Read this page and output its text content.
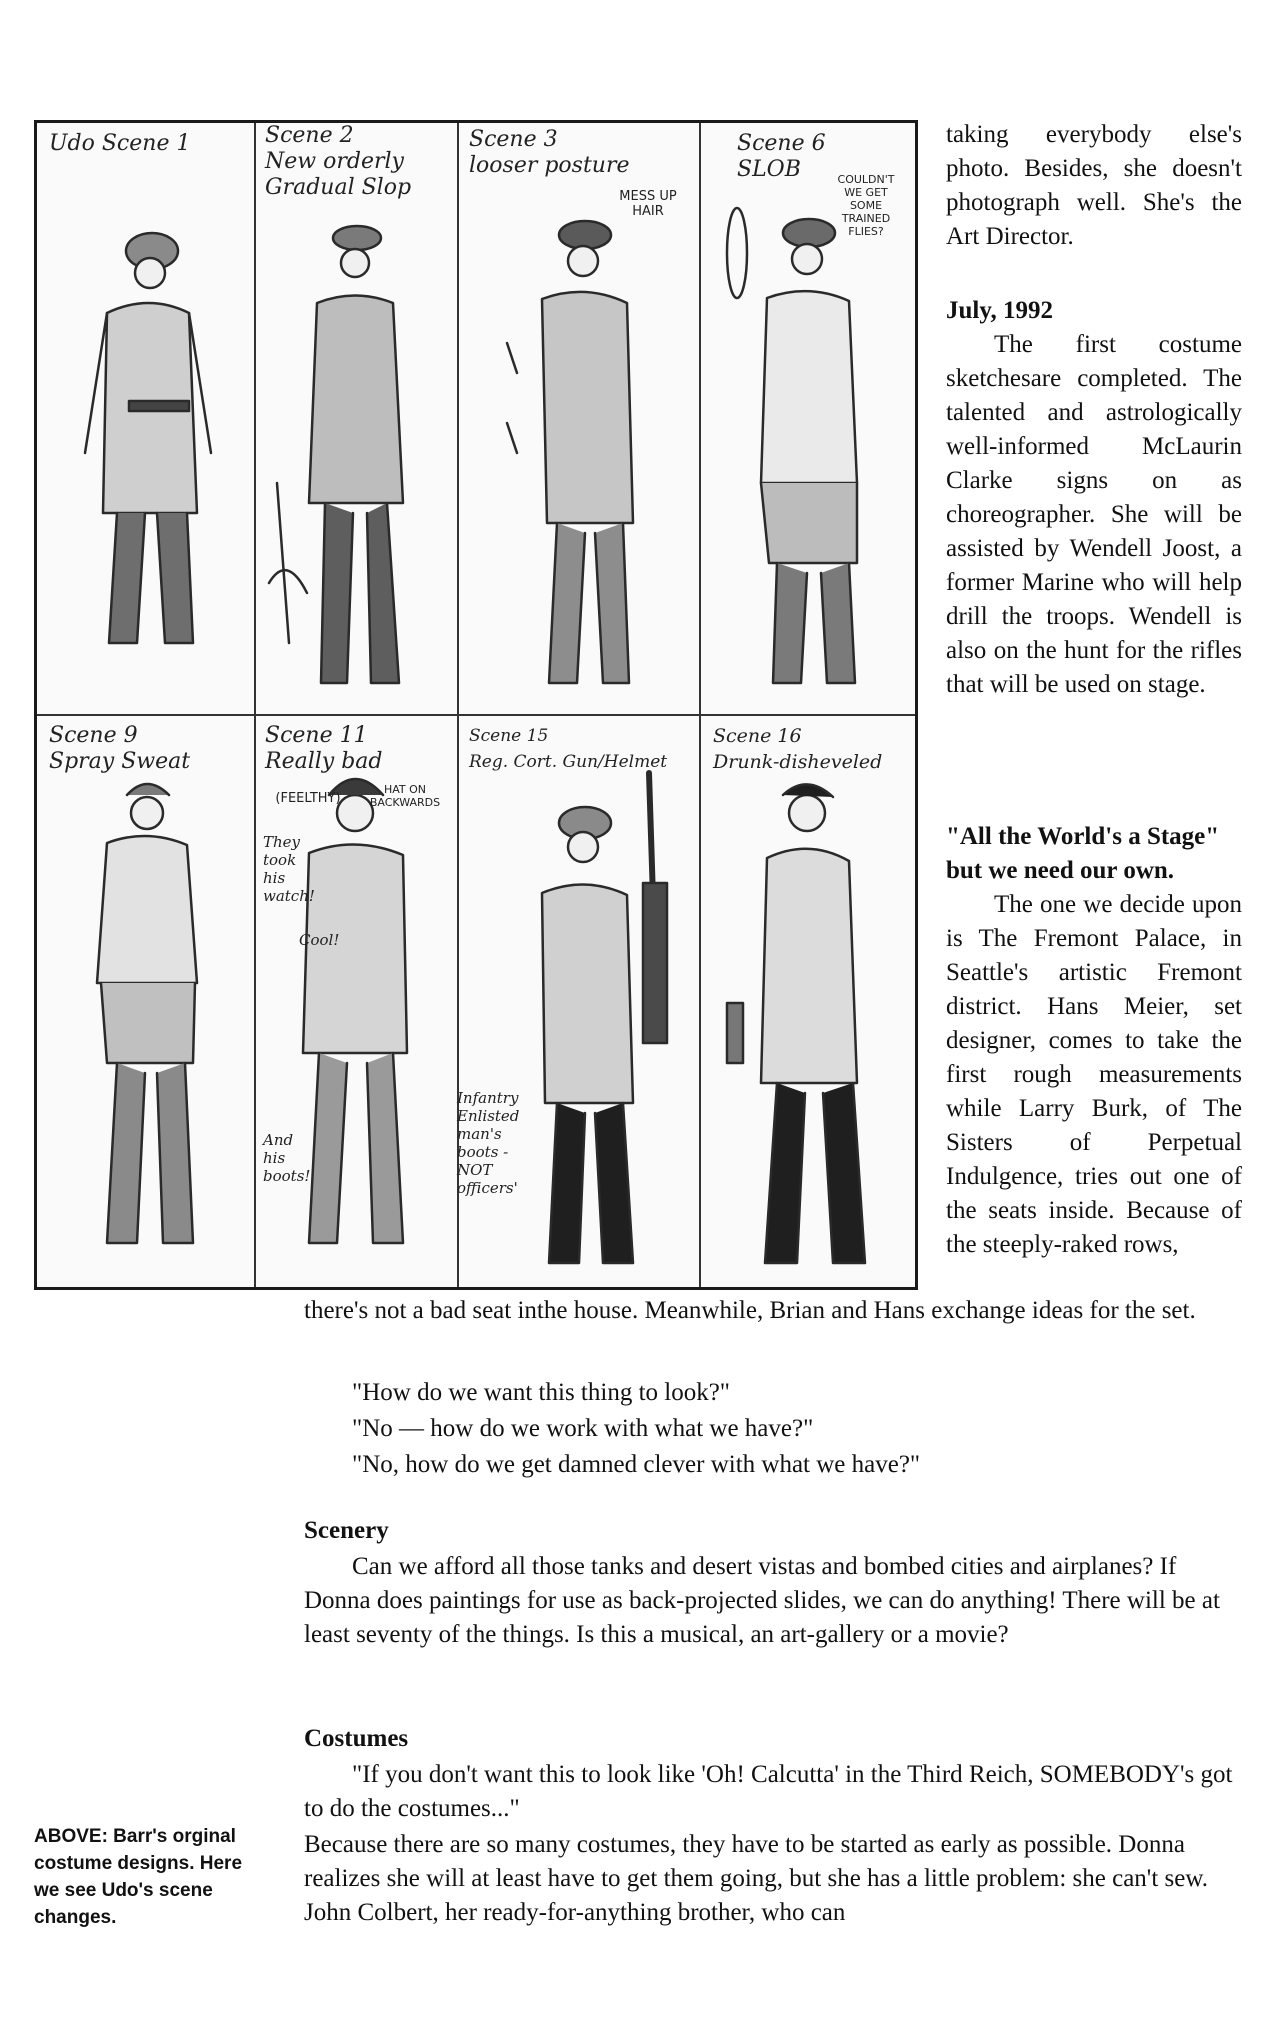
Udo Scene 1	Scene 2
New orderly
Gradual Slop
Scene 3
looser posture
Scene 6
SLOB
Scene 9
Spray Sweat
Scene 11
Really bad
Scene 15
Reg. Cort. Gun/Helmet
Scene 16
Drunk-disheveled
MESS UP
HAIR
COULDN'T
WE GET
SOME
TRAINED
FLIES?
(FEELTHY)
HAT ON
BACKWARDS
They
took
his
watch!
Cool!
And
his
boots!
Infantry
Enlisted
man's
boots -
NOT
officers'
taking everybody else's photo. Besides, she doesn't photograph well. She's the Art Director.
July, 1992
The first costume sketchesare completed. The talented and astrologically well-informed McLaurin Clarke signs on as choreographer. She will be assisted by Wendell Joost, a former Marine who will help drill the troops. Wendell is also on the hunt for the rifles that will be used on stage.
"All the World's a Stage" but we need our own.
The one we decide upon is The Fremont Palace, in Seattle's artistic Fremont district. Hans Meier, set designer, comes to take the first rough measurements while Larry Burk, of The Sisters of Perpetual Indulgence, tries out one of the seats inside. Because of the steeply-raked rows,
there's not a bad seat inthe house. Meanwhile, Brian and Hans exchange ideas for the set.
"How do we want this thing to look?"
"No — how do we work with what we have?"
"No, how do we get damned clever with what we have?"
Scenery
Can we afford all those tanks and desert vistas and bombed cities and airplanes? If Donna does paintings for use as back-projected slides, we can do anything! There will be at least seventy of the things. Is this a musical, an art-gallery or a movie?
Costumes
"If you don't want this to look like 'Oh! Calcutta' in the Third Reich, SOMEBODY's got to do the costumes..."
Because there are so many costumes, they have to be started as early as possible. Donna realizes she will at least have to get them going, but she has a little problem: she can't sew. John Colbert, her ready-for-anything brother, who can
ABOVE: Barr's orginal costume designs. Here we see Udo's scene changes.
